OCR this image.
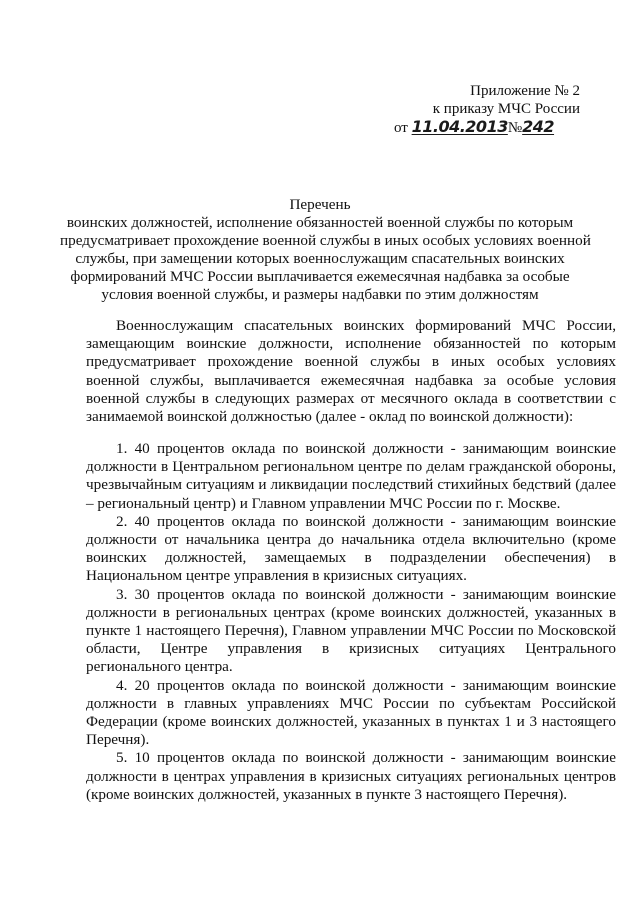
Приложение № 2
к приказу МЧС России
от 11.04.2013№242
Перечень
воинских должностей, исполнение обязанностей военной службы по которым
предусматривает прохождение военной службы в иных особых условиях военной
службы, при замещении которых военнослужащим спасательных воинских
формирований МЧС России выплачивается ежемесячная надбавка за особые
условия военной службы, и размеры надбавки по этим должностям
Военнослужащим спасательных воинских формирований МЧС России, замещающим воинские должности, исполнение обязанностей по которым предусматривает прохождение военной службы в иных особых условиях военной службы, выплачивается ежемесячная надбавка за особые условия военной службы в следующих размерах от месячного оклада в соответствии с занимаемой воинской должностью (далее - оклад по воинской должности):

1. 40 процентов оклада по воинской должности - занимающим воинские должности в Центральном региональном центре по делам гражданской обороны, чрезвычайным ситуациям и ликвидации последствий стихийных бедствий (далее – региональный центр) и Главном управлении МЧС России по г. Москве.

2. 40 процентов оклада по воинской должности - занимающим воинские должности от начальника центра до начальника отдела включительно (кроме воинских должностей, замещаемых в подразделении обеспечения) в Национальном центре управления в кризисных ситуациях.

3. 30 процентов оклада по воинской должности - занимающим воинские должности в региональных центрах (кроме воинских должностей, указанных в пункте 1 настоящего Перечня), Главном управлении МЧС России по Московской области, Центре управления в кризисных ситуациях Центрального регионального центра.

4. 20 процентов оклада по воинской должности - занимающим воинские должности в главных управлениях МЧС России по субъектам Российской Федерации (кроме воинских должностей, указанных в пунктах 1 и 3 настоящего Перечня).

5. 10 процентов оклада по воинской должности - занимающим воинские должности в центрах управления в кризисных ситуациях региональных центров (кроме воинских должностей, указанных в пункте 3 настоящего Перечня).
